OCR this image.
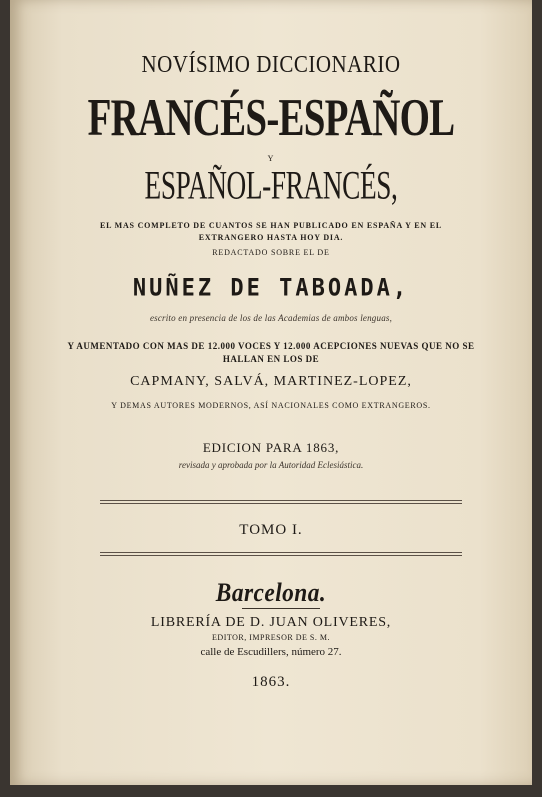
NOVÍSIMO DICCIONARIO
FRANCÉS-ESPAÑOL
Y
ESPAÑOL-FRANCÉS,
EL MAS COMPLETO DE CUANTOS SE HAN PUBLICADO EN ESPAÑA Y EN EL EXTRANGERO HASTA HOY DIA.
REDACTADO SOBRE EL DE
NUÑEZ DE TABOADA,
escrito en presencia de los de las Academias de ambos lenguas,
Y AUMENTADO CON MAS DE 12.000 VOCES Y 12.000 ACEPCIONES NUEVAS QUE NO SE HALLAN EN LOS DE
CAPMANY, SALVÁ, MARTINEZ-LOPEZ,
Y DEMAS AUTORES MODERNOS, ASÍ NACIONALES COMO EXTRANGEROS.
EDICION PARA 1863,
revisada y aprobada por la Autoridad Eclesiástica.
TOMO I.
Barcelona.
LIBRERÍA DE D. JUAN OLIVERES,
EDITOR, IMPRESOR DE S. M.
calle de Escudillers, número 27.
1863.
